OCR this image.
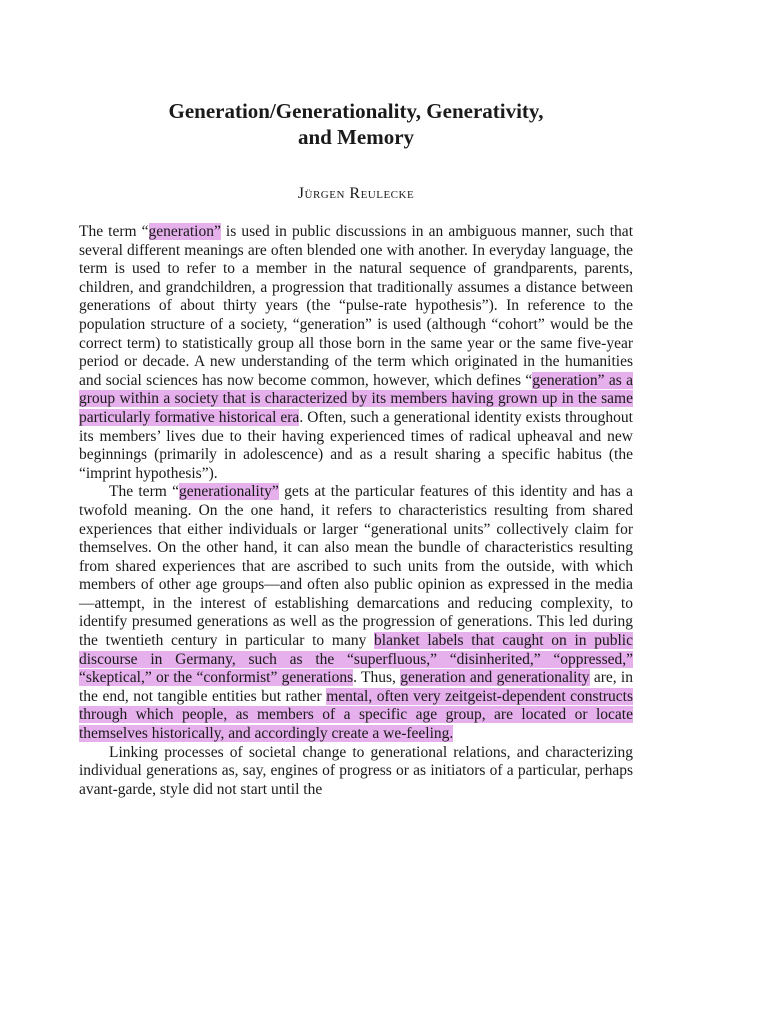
Generation/Generationality, Generativity,
and Memory
Jürgen Reulecke

The term “generation” is used in public discussions in an ambiguous manner, such that several different meanings are often blended one with another. In everyday language, the term is used to refer to a member in the natural sequence of grandparents, parents, children, and grandchildren, a progression that traditionally assumes a distance between generations of about thirty years (the “pulse-rate hypothesis”). In reference to the population structure of a society, “generation” is used (although “cohort” would be the correct term) to statistically group all those born in the same year or the same five-year period or decade. A new understanding of the term which originated in the humanities and social sciences has now become common, however, which defines “generation” as a group within a society that is characterized by its members having grown up in the same particularly formative historical era. Often, such a generational identity exists throughout its members’ lives due to their having experienced times of radical upheaval and new beginnings (primarily in adolescence) and as a result sharing a specific habitus (the “imprint hypothesis”).

The term “generationality” gets at the particular features of this identity and has a twofold meaning. On the one hand, it refers to characteristics resulting from shared experiences that either individuals or larger “generational units” collectively claim for themselves. On the other hand, it can also mean the bundle of characteristics resulting from shared experiences that are ascribed to such units from the outside, with which members of other age groups—and often also public opinion as expressed in the media—attempt, in the interest of establishing demarcations and reducing complexity, to identify presumed generations as well as the progression of generations. This led during the twentieth century in particular to many blanket labels that caught on in public discourse in Germany, such as the “superfluous,” “disinherited,” “oppressed,” “skeptical,” or the “conformist” generations. Thus, generation and generationality are, in the end, not tangible entities but rather mental, often very zeitgeist-dependent constructs through which people, as members of a specific age group, are located or locate themselves historically, and accordingly create a we-feeling.

Linking processes of societal change to generational relations, and characterizing individual generations as, say, engines of progress or as initiators of a particular, perhaps avant-garde, style did not start until the
